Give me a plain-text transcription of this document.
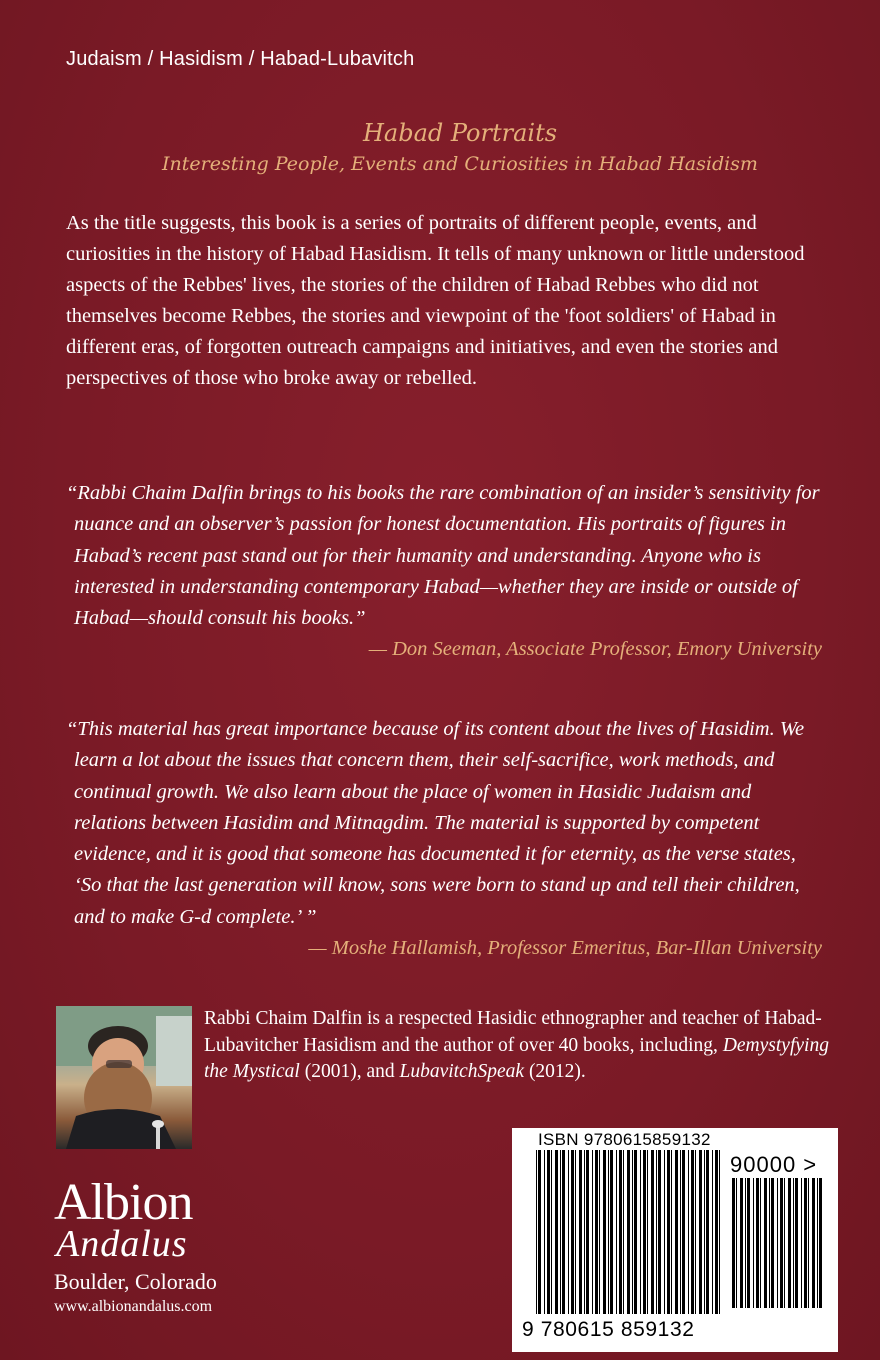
Judaism / Hasidism / Habad-Lubavitch
Habad Portraits
Interesting People, Events and Curiosities in Habad Hasidism
As the title suggests, this book is a series of portraits of different people, events, and curiosities in the history of Habad Hasidism. It tells of many unknown or little understood aspects of the Rebbes' lives, the stories of the children of Habad Rebbes who did not themselves become Rebbes, the stories and viewpoint of the 'foot soldiers' of Habad in different eras, of forgotten outreach campaigns and initiatives, and even the stories and perspectives of those who broke away or rebelled.
“Rabbi Chaim Dalfin brings to his books the rare combination of an insider’s sensitivity for nuance and an observer’s passion for honest documentation. His portraits of figures in Habad’s recent past stand out for their humanity and understanding. Anyone who is interested in understanding contemporary Habad—whether they are inside or outside of Habad—should consult his books.”
— Don Seeman, Associate Professor, Emory University
“This material has great importance because of its content about the lives of Hasidim. We learn a lot about the issues that concern them, their self-sacrifice, work methods, and continual growth. We also learn about the place of women in Hasidic Judaism and relations between Hasidim and Mitnagdim. The material is supported by competent evidence, and it is good that someone has documented it for eternity, as the verse states, ‘So that the last generation will know, sons were born to stand up and tell their children, and to make G-d complete.’ ”
— Moshe Hallamish, Professor Emeritus, Bar-Illan University
Rabbi Chaim Dalfin is a respected Hasidic ethnographer and teacher of Habad-Lubavitcher Hasidism and the author of over 40 books, including, Demystyfying the Mystical (2001), and LubavitchSpeak (2012).
Albion
Andalus
Boulder, Colorado
www.albionandalus.com
ISBN 9780615859132
90000 >
9 780615 859132
